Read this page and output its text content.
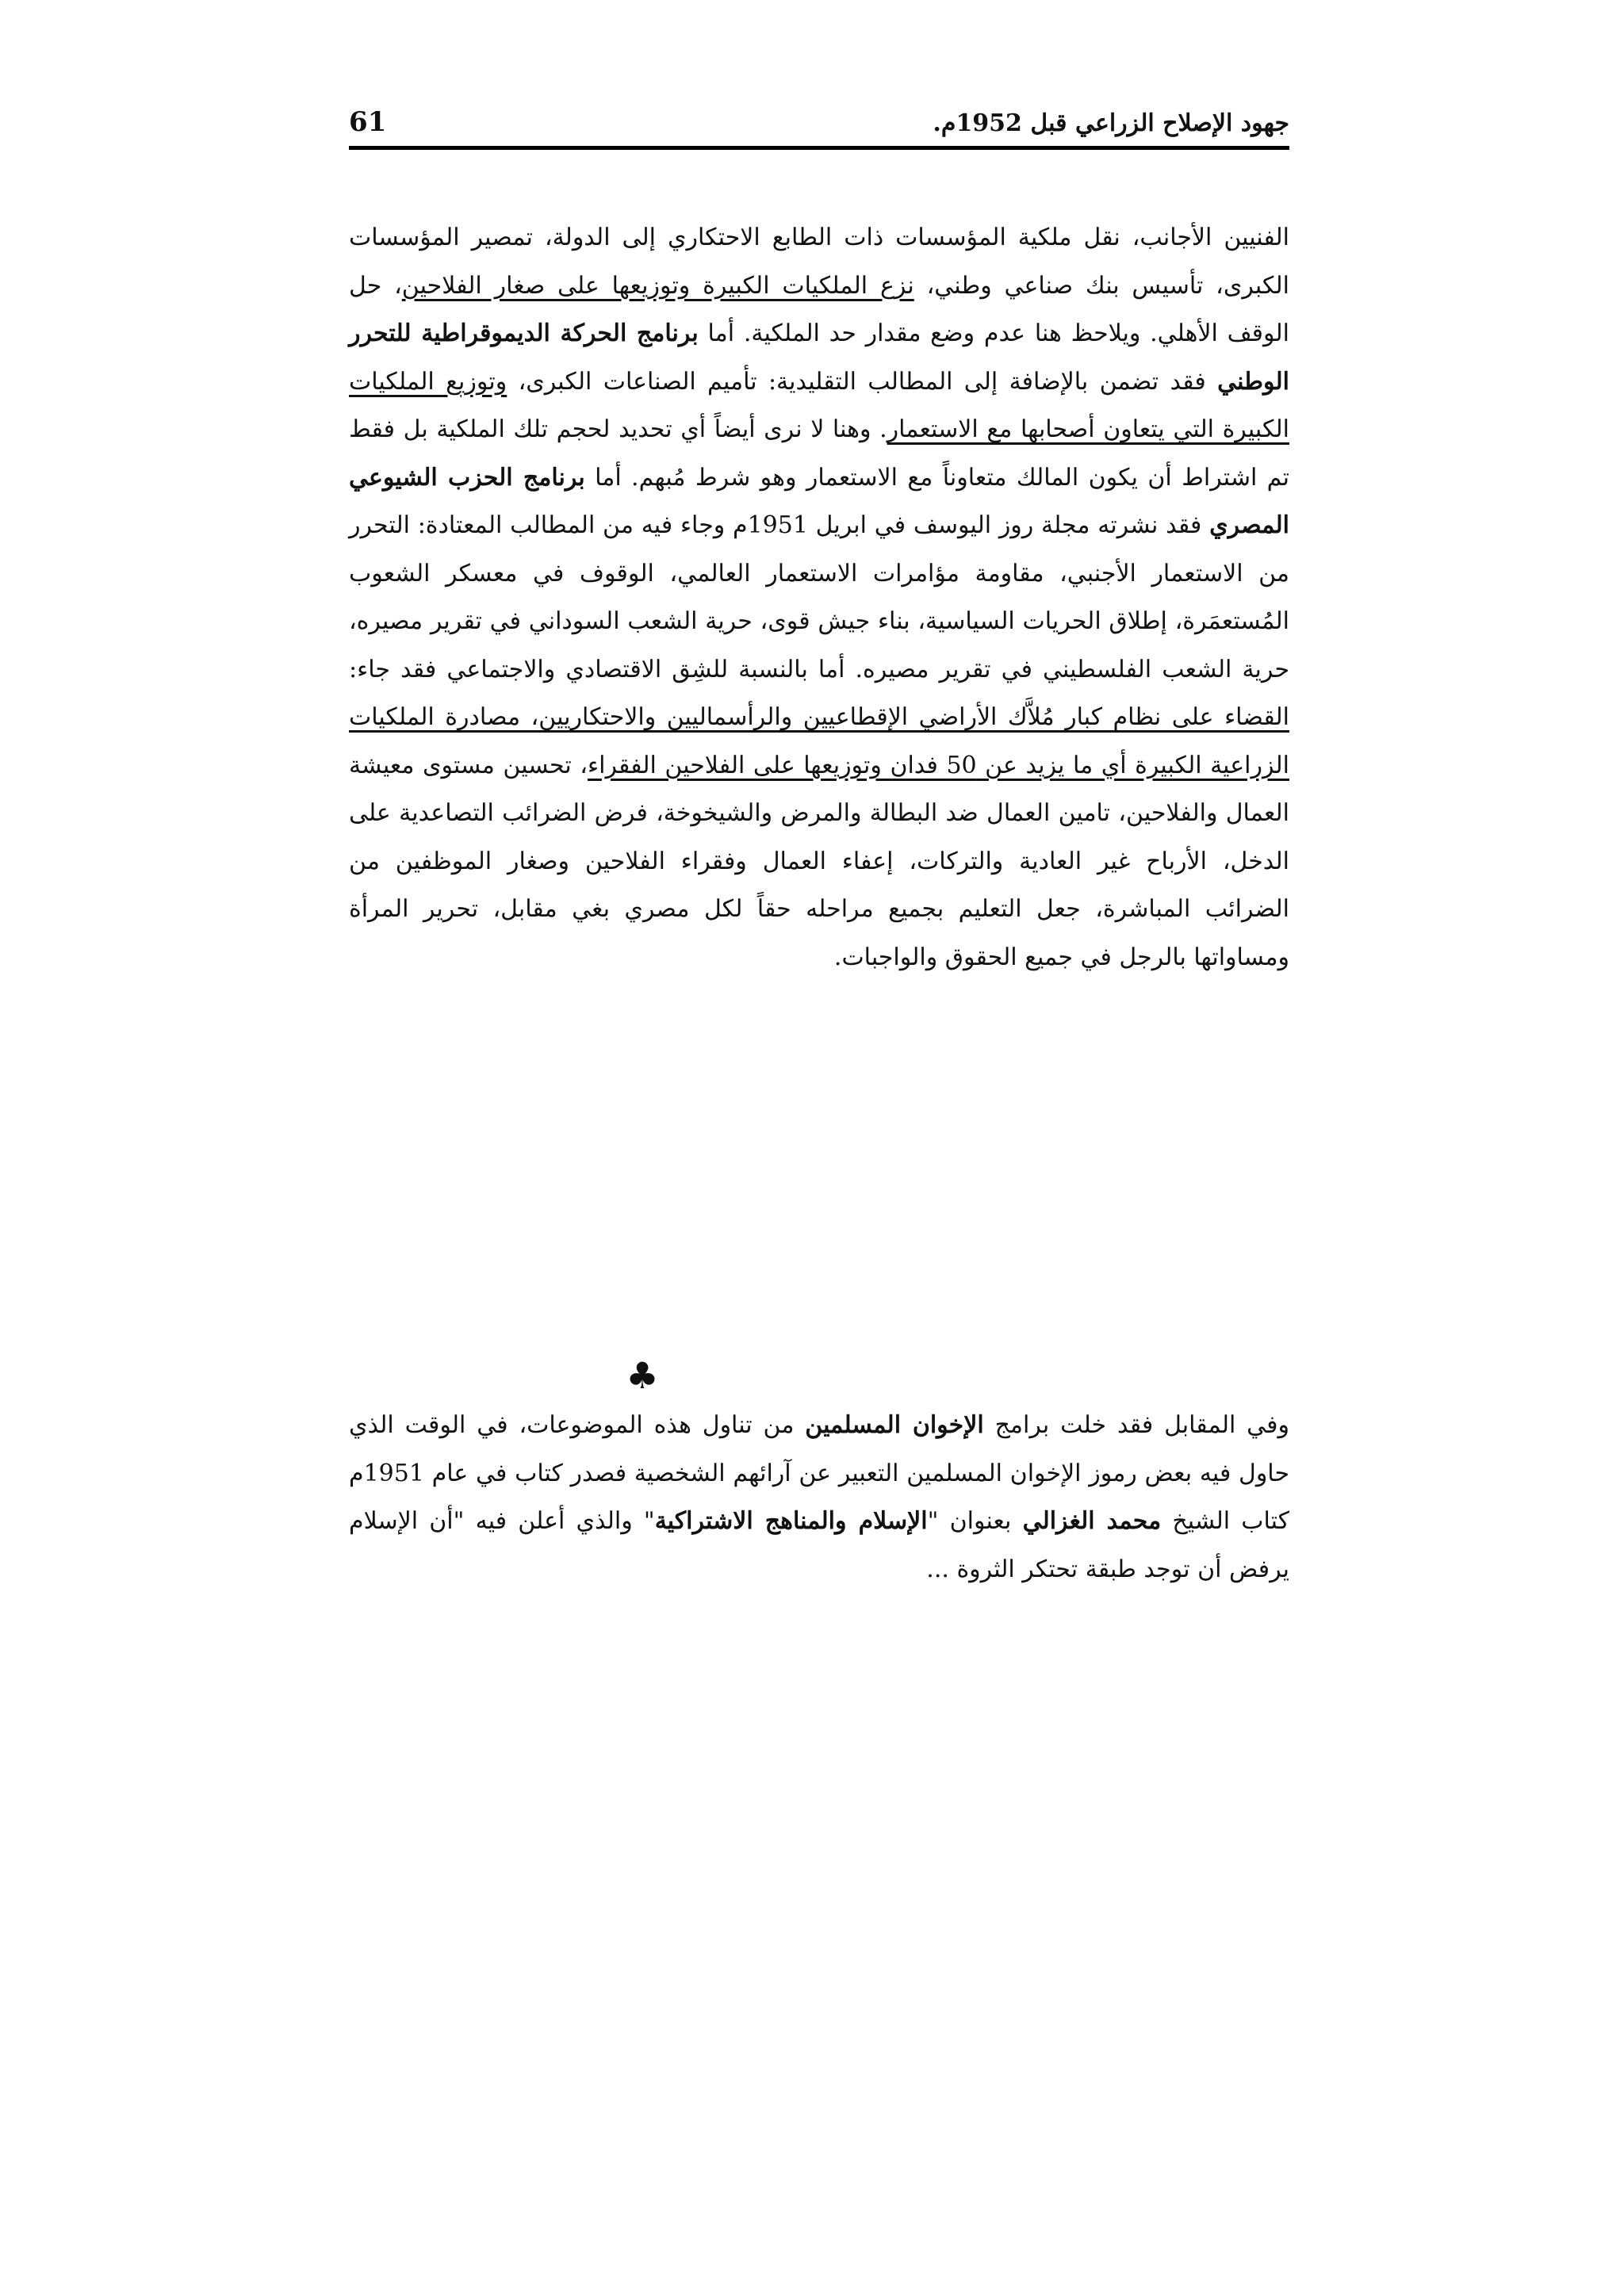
جهود الإصلاح الزراعي قبل 1952م.
61
الفنيين الأجانب، نقل ملكية المؤسسات ذات الطابع الاحتكاري إلى الدولة، تمصير المؤسسات الكبرى، تأسيس بنك صناعي وطني، نزع الملكيات الكبيرة وتوزيعها على صغار الفلاحين، حل الوقف الأهلي. ويلاحظ هنا عدم وضع مقدار حد الملكية. أما برنامج الحركة الديموقراطية للتحرر الوطني فقد تضمن بالإضافة إلى المطالب التقليدية: تأميم الصناعات الكبرى، وتوزيع الملكيات الكبيرة التي يتعاون أصحابها مع الاستعمار. وهنا لا نرى أيضاً أي تحديد لحجم تلك الملكية بل فقط تم اشتراط أن يكون المالك متعاوناً مع الاستعمار وهو شرط مُبهم. أما برنامج الحزب الشيوعي المصري فقد نشرته مجلة روز اليوسف في ابريل 1951م وجاء فيه من المطالب المعتادة: التحرر من الاستعمار الأجنبي، مقاومة مؤامرات الاستعمار العالمي، الوقوف في معسكر الشعوب المُستعمَرة، إطلاق الحريات السياسية، بناء جيش قوى، حرية الشعب السوداني في تقرير مصيره، حرية الشعب الفلسطيني في تقرير مصيره. أما بالنسبة للشِق الاقتصادي والاجتماعي فقد جاء: القضاء على نظام كبار مُلاَّك الأراضي الإقطاعيين والرأسماليين والاحتكاريين، مصادرة الملكيات الزراعية الكبيرة أي ما يزيد عن 50 فدان وتوزيعها على الفلاحين الفقراء، تحسين مستوى معيشة العمال والفلاحين، تامين العمال ضد البطالة والمرض والشيخوخة، فرض الضرائب التصاعدية على الدخل، الأرباح غير العادية والتركات، إعفاء العمال وفقراء الفلاحين وصغار الموظفين من الضرائب المباشرة، جعل التعليم بجميع مراحله حقاً لكل مصري بغي مقابل، تحرير المرأة ومساواتها بالرجل في جميع الحقوق والواجبات.
♣
وفي المقابل فقد خلت برامج الإخوان المسلمين من تناول هذه الموضوعات، في الوقت الذي حاول فيه بعض رموز الإخوان المسلمين التعبير عن آرائهم الشخصية فصدر كتاب في عام 1951م كتاب الشيخ محمد الغزالي بعنوان "الإسلام والمناهج الاشتراكية" والذي أعلن فيه "أن الإسلام يرفض أن توجد طبقة تحتكر الثروة ...
